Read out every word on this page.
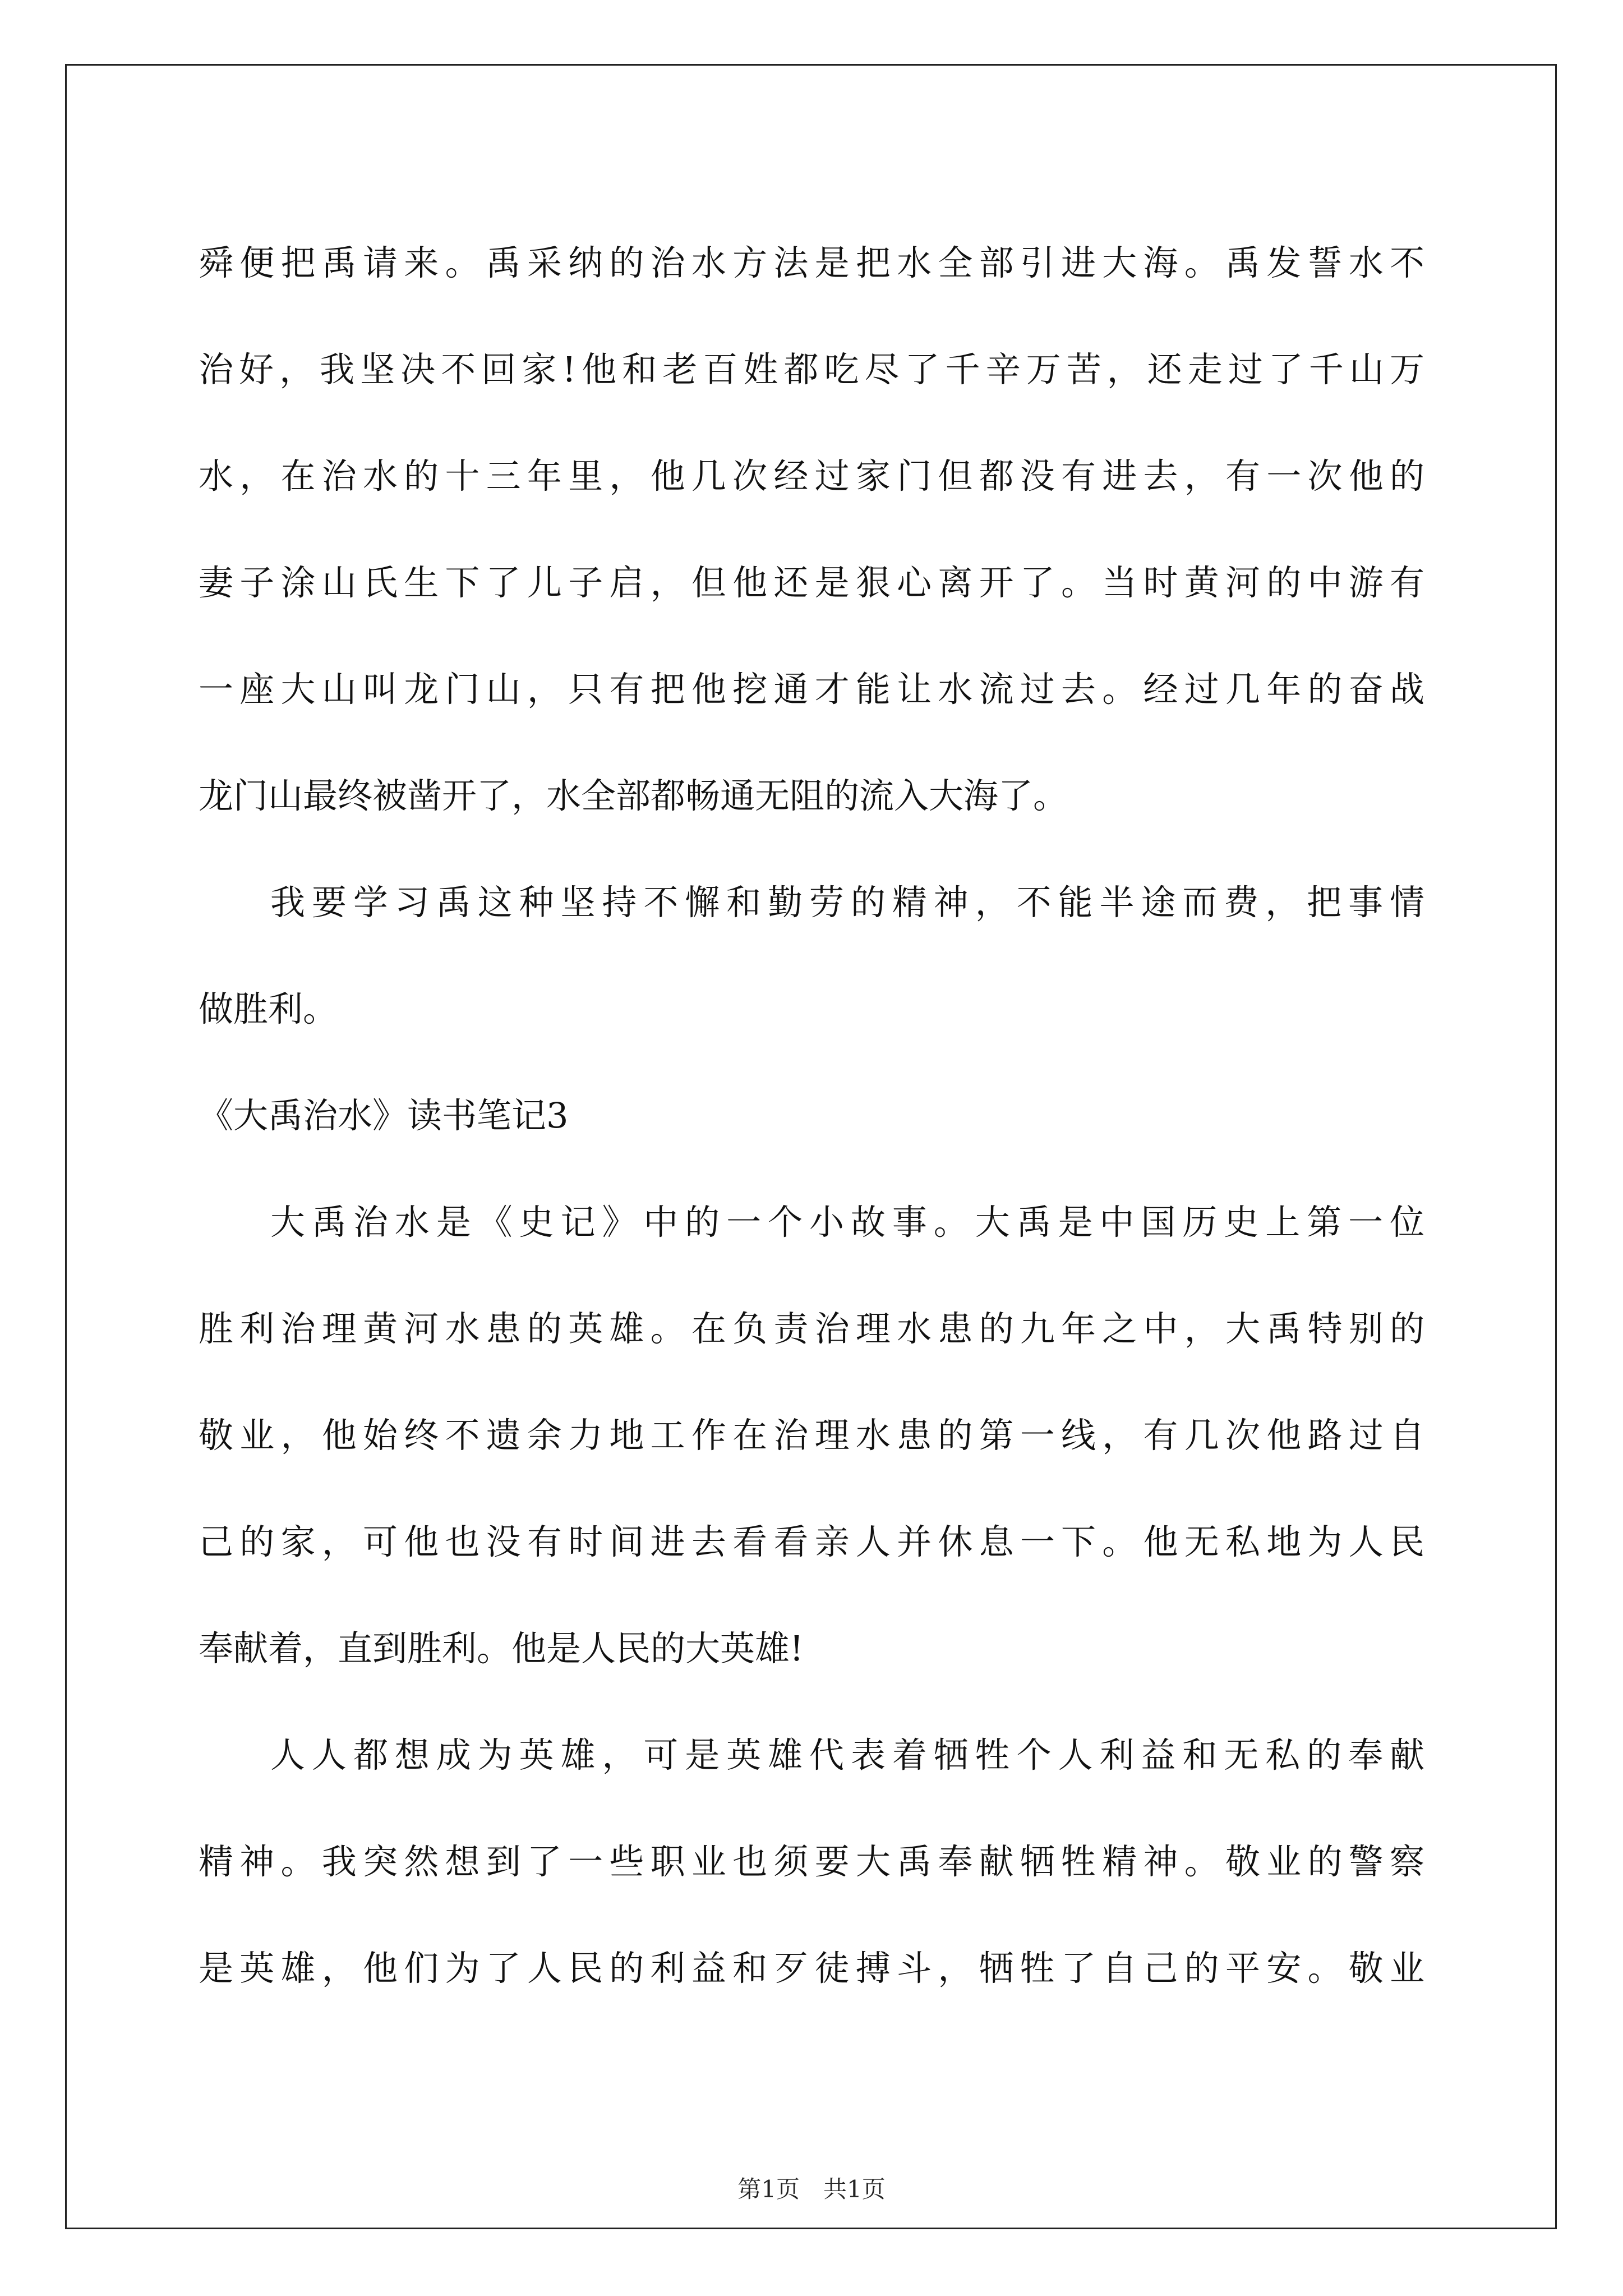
舜便把禹请来。禹采纳的治水方法是把水全部引进大海。禹发誓水不
治好，我坚决不回家!他和老百姓都吃尽了千辛万苦，还走过了千山万
水，在治水的十三年里，他几次经过家门但都没有进去，有一次他的
妻子涂山氏生下了儿子启，但他还是狠心离开了。当时黄河的中游有
一座大山叫龙门山，只有把他挖通才能让水流过去。经过几年的奋战
龙门山最终被凿开了，水全部都畅通无阻的流入大海了。
我要学习禹这种坚持不懈和勤劳的精神，不能半途而费，把事情
做胜利。
《大禹治水》读书笔记3
大禹治水是《史记》中的一个小故事。大禹是中国历史上第一位
胜利治理黄河水患的英雄。在负责治理水患的九年之中，大禹特别的
敬业，他始终不遗余力地工作在治理水患的第一线，有几次他路过自
己的家，可他也没有时间进去看看亲人并休息一下。他无私地为人民
奉献着，直到胜利。他是人民的大英雄!
人人都想成为英雄，可是英雄代表着牺牲个人利益和无私的奉献
精神。我突然想到了一些职业也须要大禹奉献牺牲精神。敬业的警察
是英雄，他们为了人民的利益和歹徒搏斗，牺牲了自己的平安。敬业
第1页　共1页
